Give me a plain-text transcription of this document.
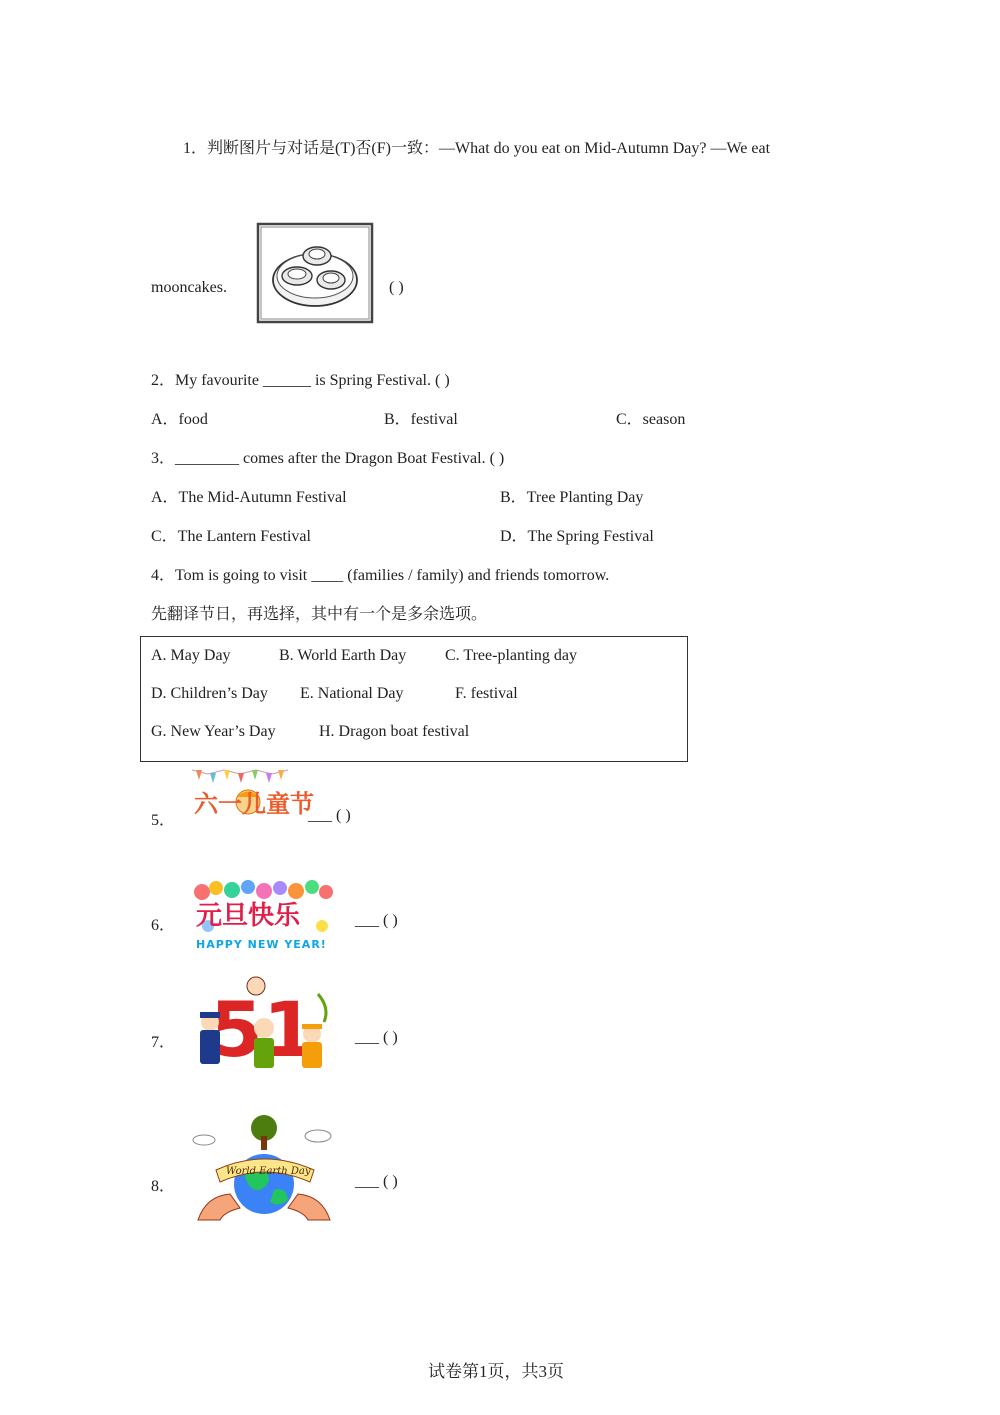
1．判断图片与对话是(T)否(F)一致：—What do you eat on Mid-Autumn Day? —We eat
mooncakes.	( )
2．My favourite ______ is Spring Festival. ( )
A．food	B．festival	C．season
3．________ comes after the Dragon Boat Festival. ( )
A．The Mid-Autumn Festival	B．Tree Planting Day
C．The Lantern Festival	D．The Spring Festival
4．Tom is going to visit ____ (families / family) and friends tomorrow.
先翻译节日，再选择，其中有一个是多余选项。
A. May Day	B. World Earth Day C. Tree-planting day
D. Children’s Day E. National Day	F. festival
G. New Year’s Day	H. Dragon boat festival
5．
六一儿童节
___ ( )
6． 元旦快乐
HAPPY NEW YEAR!
___ ( )
7．	___ ( )
8．
World Earth Day
___ ( )
试卷第1页，共3页
